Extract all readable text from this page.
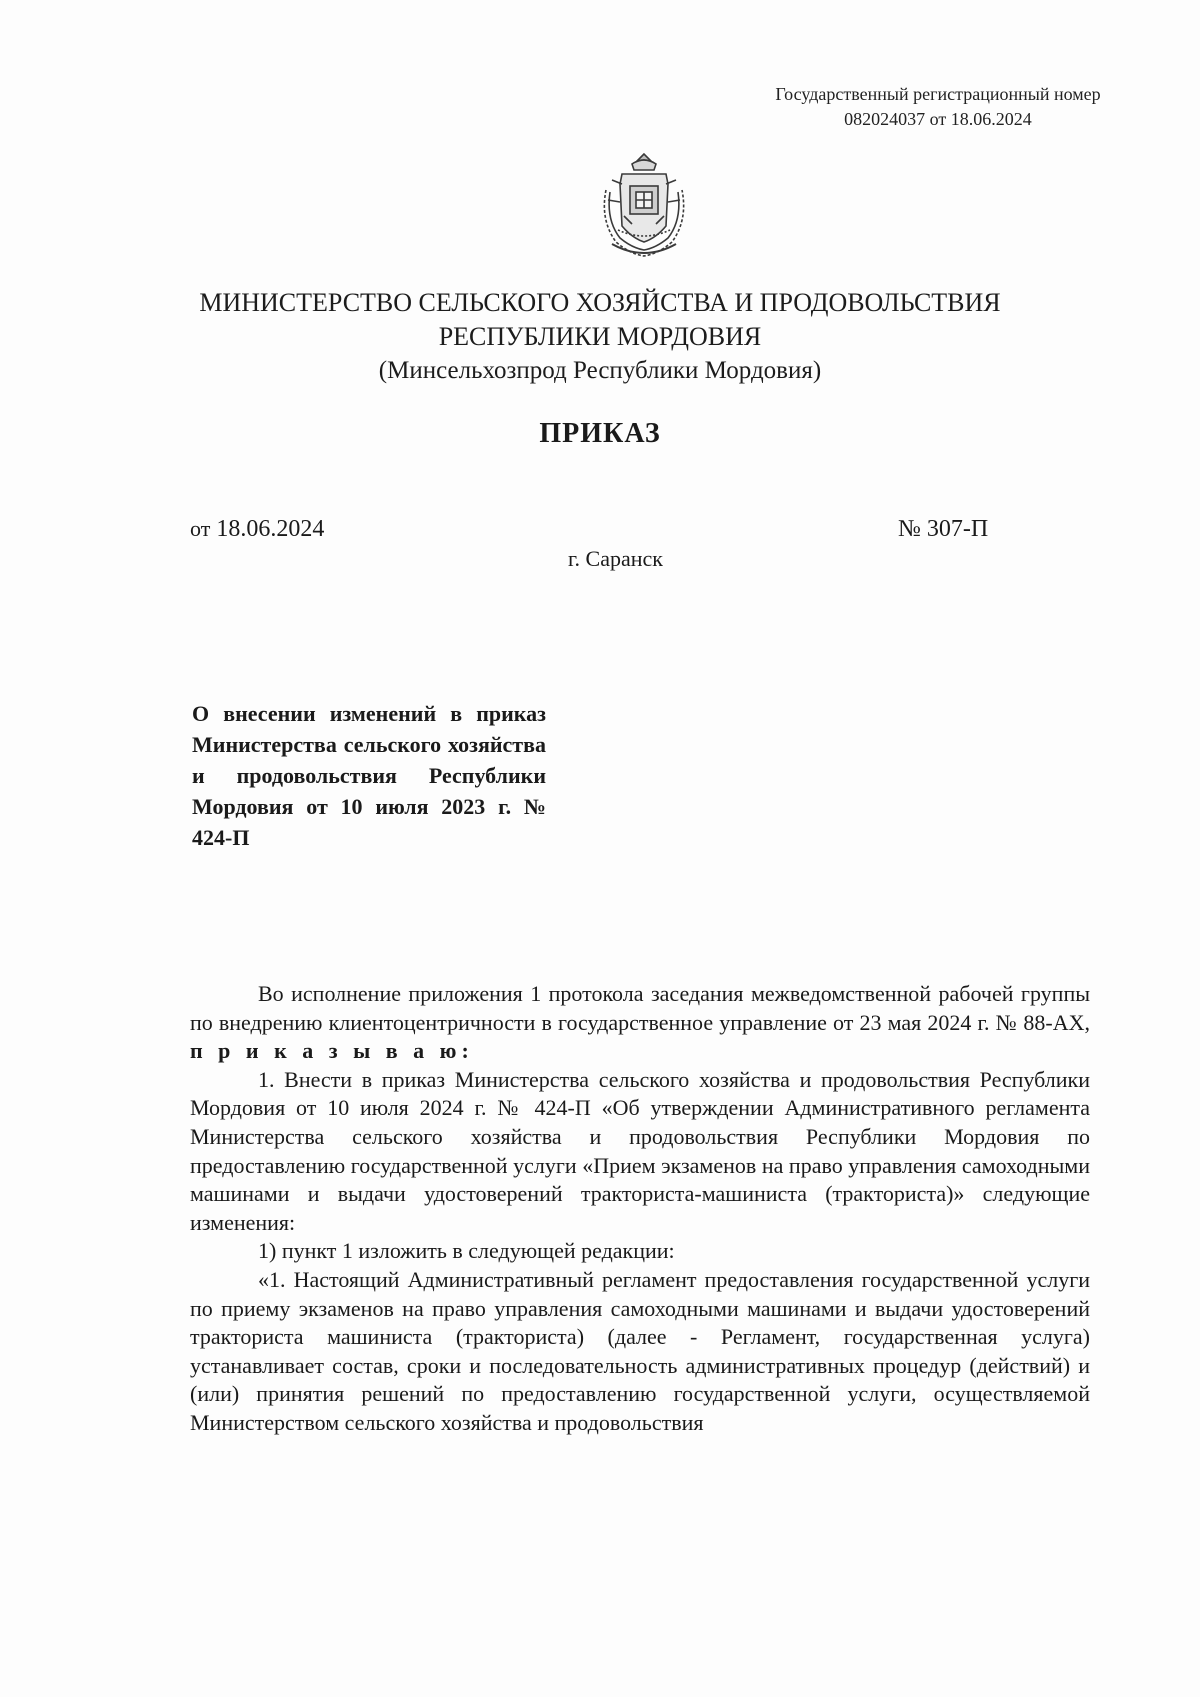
Государственный регистрационный номер
082024037 от 18.06.2024
МИНИСТЕРСТВО СЕЛЬСКОГО ХОЗЯЙСТВА И ПРОДОВОЛЬСТВИЯ
РЕСПУБЛИКИ МОРДОВИЯ
(Минсельхозпрод Республики Мордовия)
ПРИКАЗ
от 18.06.2024	№ 307-П
г. Саранск
О внесении изменений в приказ Министерства сельского хозяйства и продовольствия Республики Мордовия от 10 июля 2023 г. № 424-П

Во исполнение приложения 1 протокола заседания межведомственной рабочей группы по внедрению клиентоцентричности в государственное управление от 23 мая 2024 г. № 88-АХ, п р и к а з ы в а ю:

1. Внести в приказ Министерства сельского хозяйства и продовольствия Республики Мордовия от 10 июля 2024 г. № 424-П «Об утверждении Административного регламента Министерства сельского хозяйства и продовольствия Республики Мордовия по предоставлению государственной услуги «Прием экзаменов на право управления самоходными машинами и выдачи удостоверений тракториста-машиниста (тракториста)» следующие изменения:

1) пункт 1 изложить в следующей редакции:

«1. Настоящий Административный регламент предоставления государственной услуги по приему экзаменов на право управления самоходными машинами и выдачи удостоверений тракториста машиниста (тракториста) (далее - Регламент, государственная услуга) устанавливает состав, сроки и последовательность административных процедур (действий) и (или) принятия решений по предоставлению государственной услуги, осуществляемой Министерством сельского хозяйства и продовольствия
